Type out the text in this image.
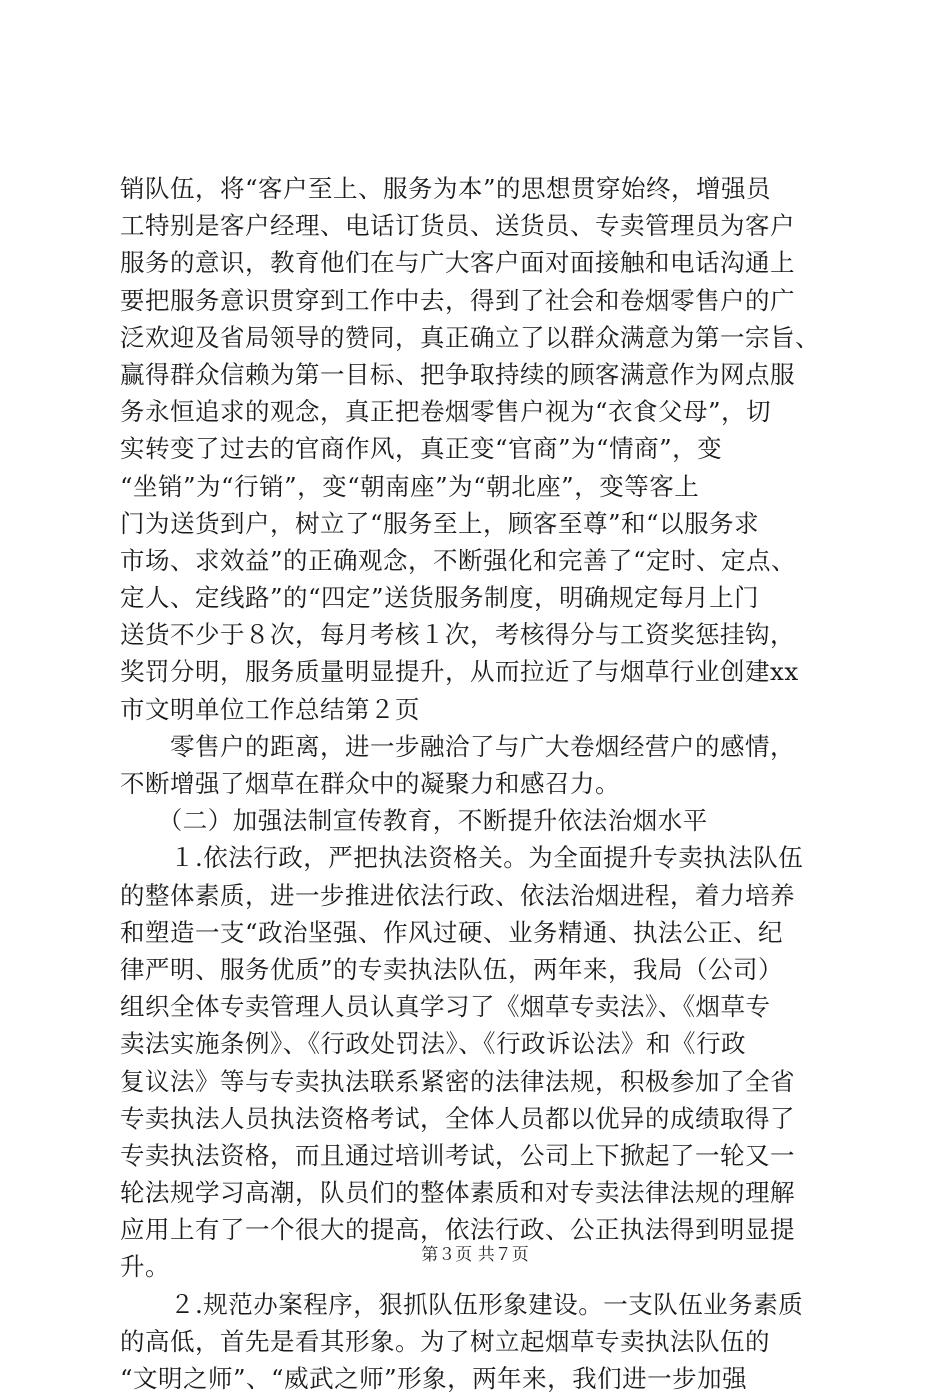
销队伍，将“客户至上、服务为本”的思想贯穿始终，增强员
工特别是客户经理、电话订货员、送货员、专卖管理员为客户
服务的意识，教育他们在与广大客户面对面接触和电话沟通上
要把服务意识贯穿到工作中去，得到了社会和卷烟零售户的广
泛欢迎及省局领导的赞同，真正确立了以群众满意为第一宗旨、
赢得群众信赖为第一目标、把争取持续的顾客满意作为网点服
务永恒追求的观念，真正把卷烟零售户视为“衣食父母”，切
实转变了过去的官商作风，真正变“官商”为“情商”，变
“坐销”为“行销”，变“朝南座”为“朝北座”，变等客上
门为送货到户，树立了“服务至上，顾客至尊”和“以服务求
市场、求效益”的正确观念，不断强化和完善了“定时、定点、
定人、定线路”的“四定”送货服务制度，明确规定每月上门
送货不少于８次，每月考核１次，考核得分与工资奖惩挂钩，
奖罚分明，服务质量明显提升，从而拉近了与烟草行业创建xx
市文明单位工作总结第２页
　　零售户的距离，进一步融洽了与广大卷烟经营户的感情，
不断增强了烟草在群众中的凝聚力和感召力。
　　（二）加强法制宣传教育，不断提升依法治烟水平
　　１.依法行政，严把执法资格关。为全面提升专卖执法队伍
的整体素质，进一步推进依法行政、依法治烟进程，着力培养
和塑造一支“政治坚强、作风过硬、业务精通、执法公正、纪
律严明、服务优质”的专卖执法队伍，两年来，我局（公司）
组织全体专卖管理人员认真学习了《烟草专卖法》、《烟草专
卖法实施条例》、《行政处罚法》、《行政诉讼法》和《行政
复议法》等与专卖执法联系紧密的法律法规，积极参加了全省
专卖执法人员执法资格考试，全体人员都以优异的成绩取得了
专卖执法资格，而且通过培训考试，公司上下掀起了一轮又一
轮法规学习高潮，队员们的整体素质和对专卖法律法规的理解
应用上有了一个很大的提高，依法行政、公正执法得到明显提
升。
　　２.规范办案程序，狠抓队伍形象建设。一支队伍业务素质
的高低，首先是看其形象。为了树立起烟草专卖执法队伍的
“文明之师”、“威武之师”形象，两年来，我们进一步加强
第３页 共７页
